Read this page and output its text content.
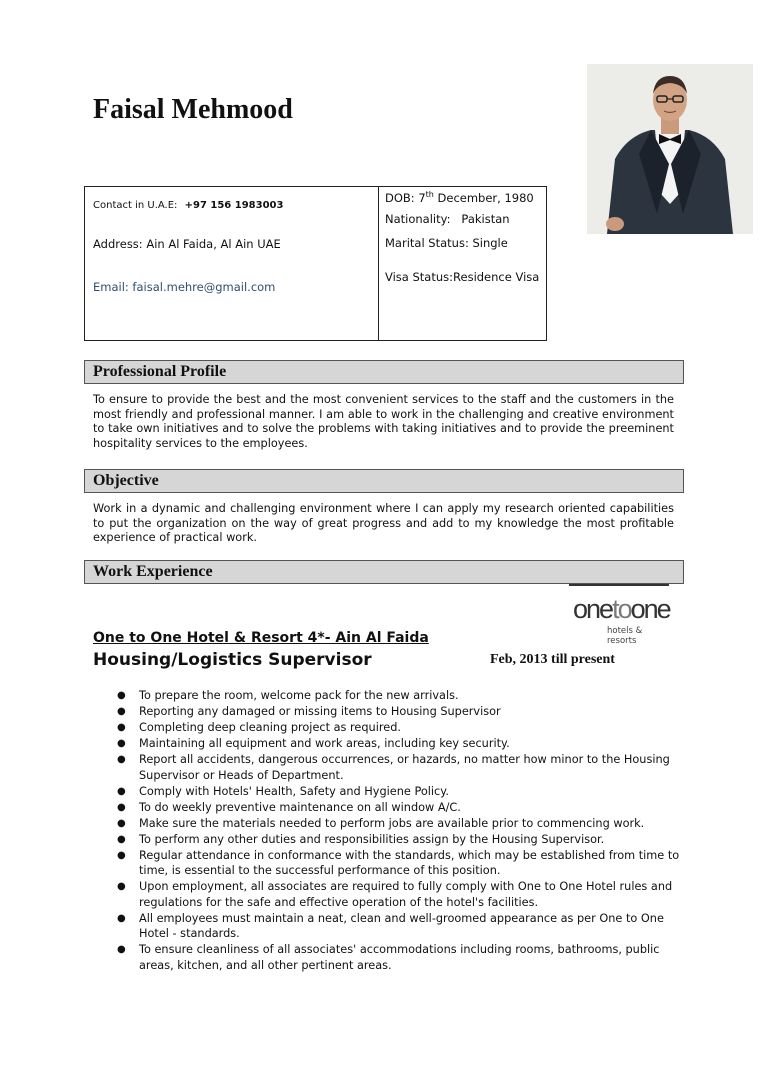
Faisal Mehmood
Contact in U.A.E: +97 156 1983003
Address: Ain Al Faida, Al Ain UAE
Email: faisal.mehre@gmail.com
DOB: 7th December, 1980
Nationality:   Pakistan
Marital Status: Single
Visa Status:Residence Visa
Professional Profile
To ensure to provide the best and the most convenient services to the staff and the customers in the most friendly and professional manner. I am able to work in the challenging and creative environment to take own initiatives and to solve the problems with taking initiatives and to provide the preeminent hospitality services to the employees.
Objective
Work in a dynamic and challenging environment where I can apply my research oriented capabilities to put the organization on the way of great progress and add to my knowledge the most profitable experience of practical work.
Work Experience
onetoone
hotels & resorts
One to One Hotel & Resort 4*- Ain Al Faida
Housing/Logistics Supervisor	Feb, 2013 till present
● To prepare the room, welcome pack for the new arrivals.
● Reporting any damaged or missing items to Housing Supervisor
● Completing deep cleaning project as required.
● Maintaining all equipment and work areas, including key security.
● Report all accidents, dangerous occurrences, or hazards, no matter how minor to the Housing Supervisor or Heads of Department.
● Comply with Hotels' Health, Safety and Hygiene Policy.
● To do weekly preventive maintenance on all window A/C.
● Make sure the materials needed to perform jobs are available prior to commencing work.
● To perform any other duties and responsibilities assign by the Housing Supervisor.
● Regular attendance in conformance with the standards, which may be established from time to time, is essential to the successful performance of this position.
● Upon employment, all associates are required to fully comply with One to One Hotel rules and regulations for the safe and effective operation of the hotel's facilities.
● All employees must maintain a neat, clean and well-groomed appearance as per One to One Hotel - standards.
● To ensure cleanliness of all associates' accommodations including rooms, bathrooms, public areas, kitchen, and all other pertinent areas.
